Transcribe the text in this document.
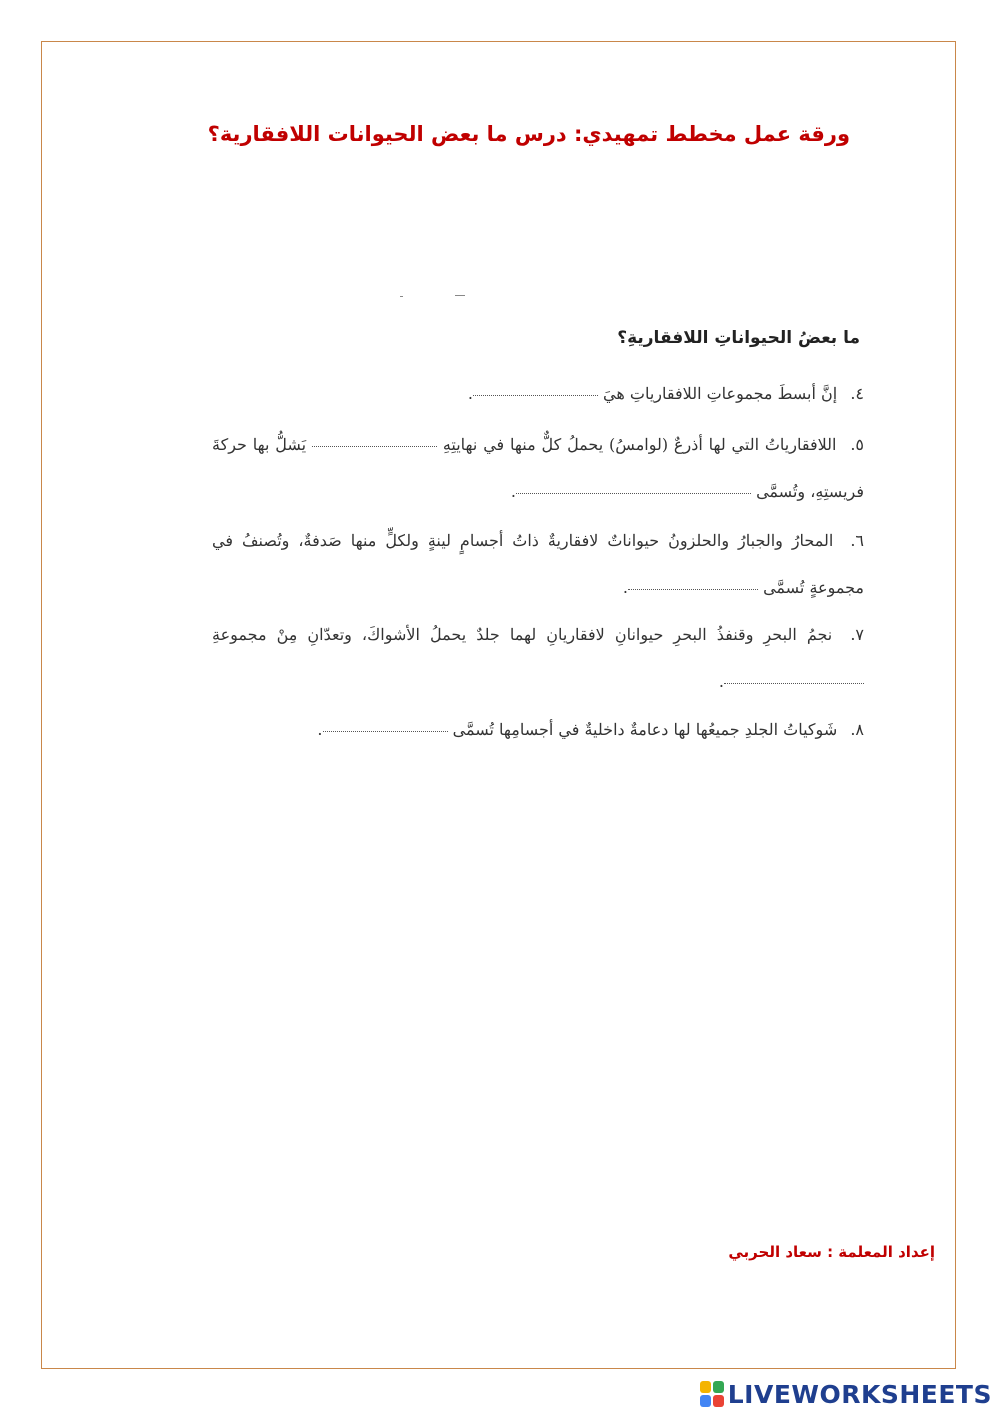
ورقة عمل مخطط تمهيدي: درس ما بعض الحيوانات اللافقارية؟
ما بعضُ الحيواناتِ اللافقاريةِ؟
٤. إنَّ أبسطَ مجموعاتِ اللافقارياتِ هيَ .
٥. اللافقارياتُ التي لها أذرعٌ (لوامسُ) يحملُ كلٌّ منها في نهايتِهِ  يَشلُّ بها حركةَ فريستِهِ، وتُسمَّى .
٦. المحارُ والجبارُ والحلزونُ حيواناتٌ لافقاريةٌ ذاتُ أجسامٍ لينةٍ ولكلٍّ منها صَدفةٌ، وتُصنفُ في مجموعةٍ تُسمَّى .
٧. نجمُ البحرِ وقنفذُ البحرِ حيوانانِ لافقاريانِ لهما جلدٌ يحملُ الأشواكَ، وتعدّانِ مِنْ مجموعةِ .
٨. شَوكياتُ الجلدِ جميعُها لها دعامةٌ داخليةٌ في أجسامِها تُسمَّى .
إعداد المعلمة : سعاد الحربي
LIVEWORKSHEETS
